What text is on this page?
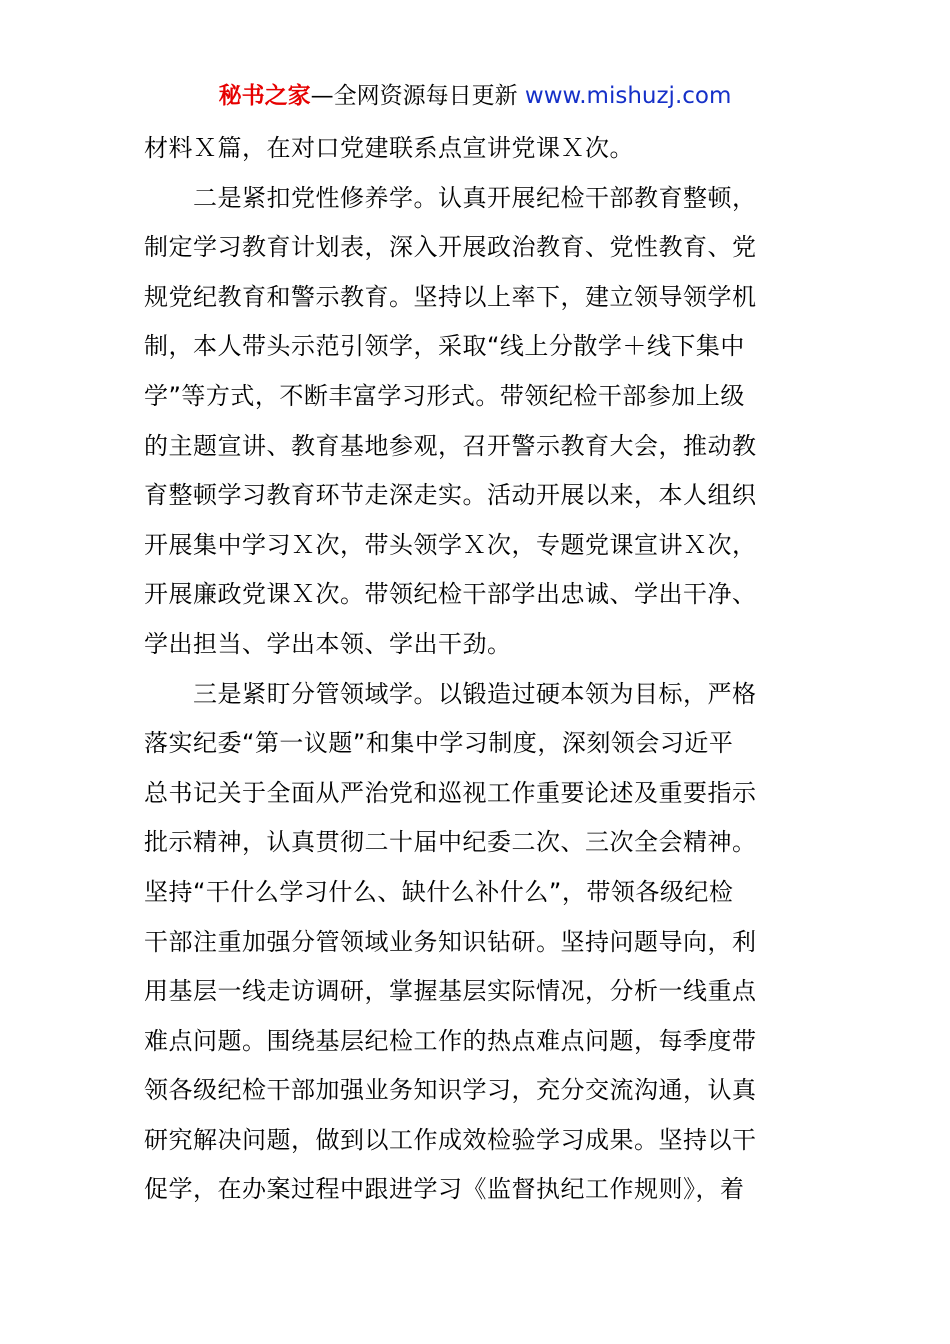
秘书之家—全网资源每日更新 www.mishuzj.com
材料Ｘ篇，在对口党建联系点宣讲党课Ｘ次。
　　二是紧扣党性修养学。认真开展纪检干部教育整顿，
制定学习教育计划表，深入开展政治教育、党性教育、党
规党纪教育和警示教育。坚持以上率下，建立领导领学机
制，本人带头示范引领学，采取“线上分散学＋线下集中
学”等方式，不断丰富学习形式。带领纪检干部参加上级
的主题宣讲、教育基地参观，召开警示教育大会，推动教
育整顿学习教育环节走深走实。活动开展以来，本人组织
开展集中学习Ｘ次，带头领学Ｘ次，专题党课宣讲Ｘ次，
开展廉政党课Ｘ次。带领纪检干部学出忠诚、学出干净、
学出担当、学出本领、学出干劲。
　　三是紧盯分管领域学。以锻造过硬本领为目标，严格
落实纪委“第一议题”和集中学习制度，深刻领会习近平
总书记关于全面从严治党和巡视工作重要论述及重要指示
批示精神，认真贯彻二十届中纪委二次、三次全会精神。
坚持“干什么学习什么、缺什么补什么”，带领各级纪检
干部注重加强分管领域业务知识钻研。坚持问题导向，利
用基层一线走访调研，掌握基层实际情况，分析一线重点
难点问题。围绕基层纪检工作的热点难点问题，每季度带
领各级纪检干部加强业务知识学习，充分交流沟通，认真
研究解决问题，做到以工作成效检验学习成果。坚持以干
促学，在办案过程中跟进学习《监督执纪工作规则》，着
